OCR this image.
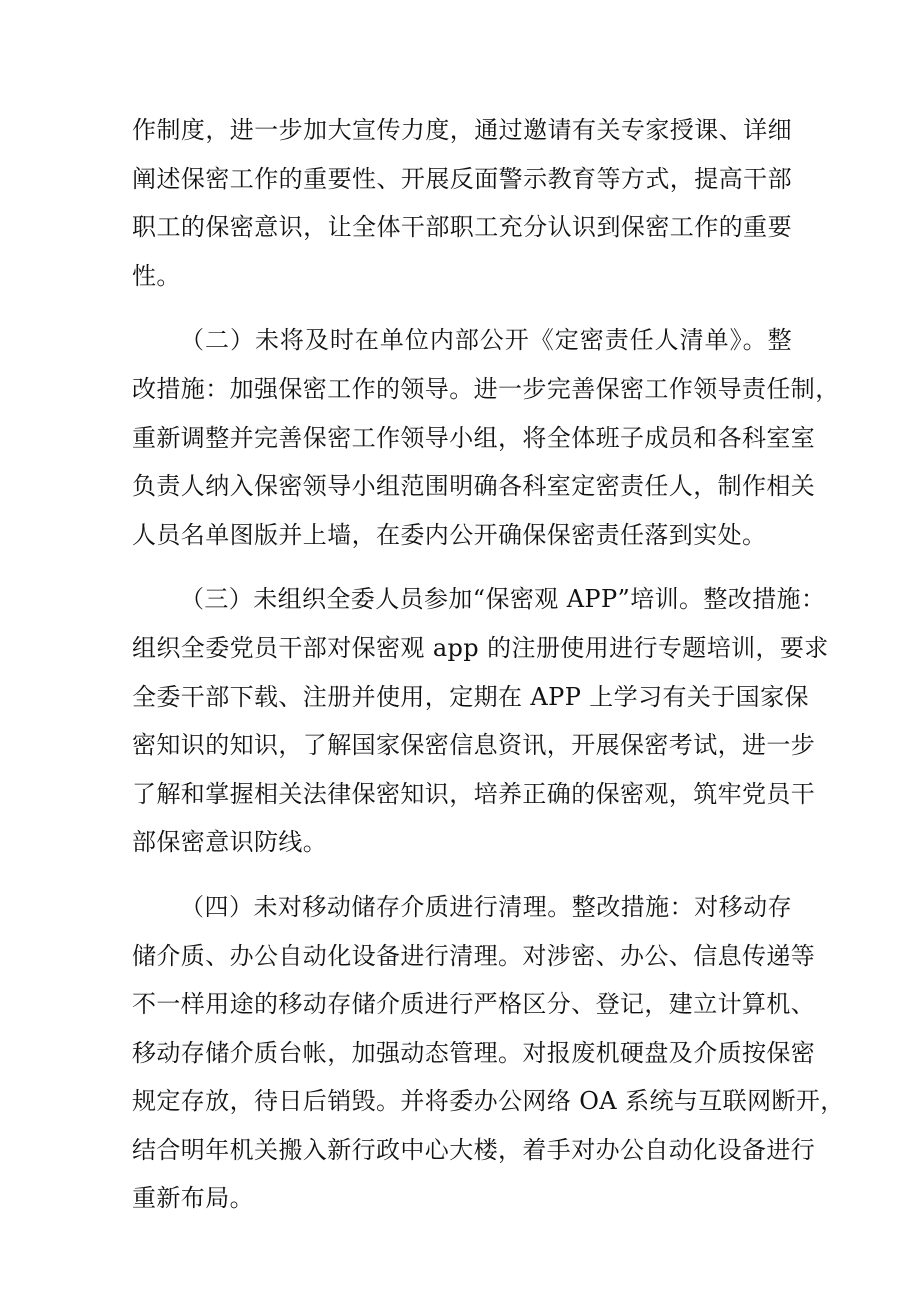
作制度，进一步加大宣传力度，通过邀请有关专家授课、详细
阐述保密工作的重要性、开展反面警示教育等方式，提高干部
职工的保密意识，让全体干部职工充分认识到保密工作的重要
性。

（二）未将及时在单位内部公开《定密责任人清单》。整
改措施：加强保密工作的领导。进一步完善保密工作领导责任制，
重新调整并完善保密工作领导小组，将全体班子成员和各科室室
负责人纳入保密领导小组范围明确各科室定密责任人，制作相关
人员名单图版并上墙，在委内公开确保保密责任落到实处。

（三）未组织全委人员参加“保密观 APP”培训。整改措施：
组织全委党员干部对保密观 app 的注册使用进行专题培训，要求
全委干部下载、注册并使用，定期在 APP 上学习有关于国家保
密知识的知识，了解国家保密信息资讯，开展保密考试，进一步
了解和掌握相关法律保密知识，培养正确的保密观，筑牢党员干
部保密意识防线。

（四）未对移动储存介质进行清理。整改措施：对移动存
储介质、办公自动化设备进行清理。对涉密、办公、信息传递等
不一样用途的移动存储介质进行严格区分、登记，建立计算机、
移动存储介质台帐，加强动态管理。对报废机硬盘及介质按保密
规定存放，待日后销毁。并将委办公网络 OA 系统与互联网断开，
结合明年机关搬入新行政中心大楼，着手对办公自动化设备进行
重新布局。
